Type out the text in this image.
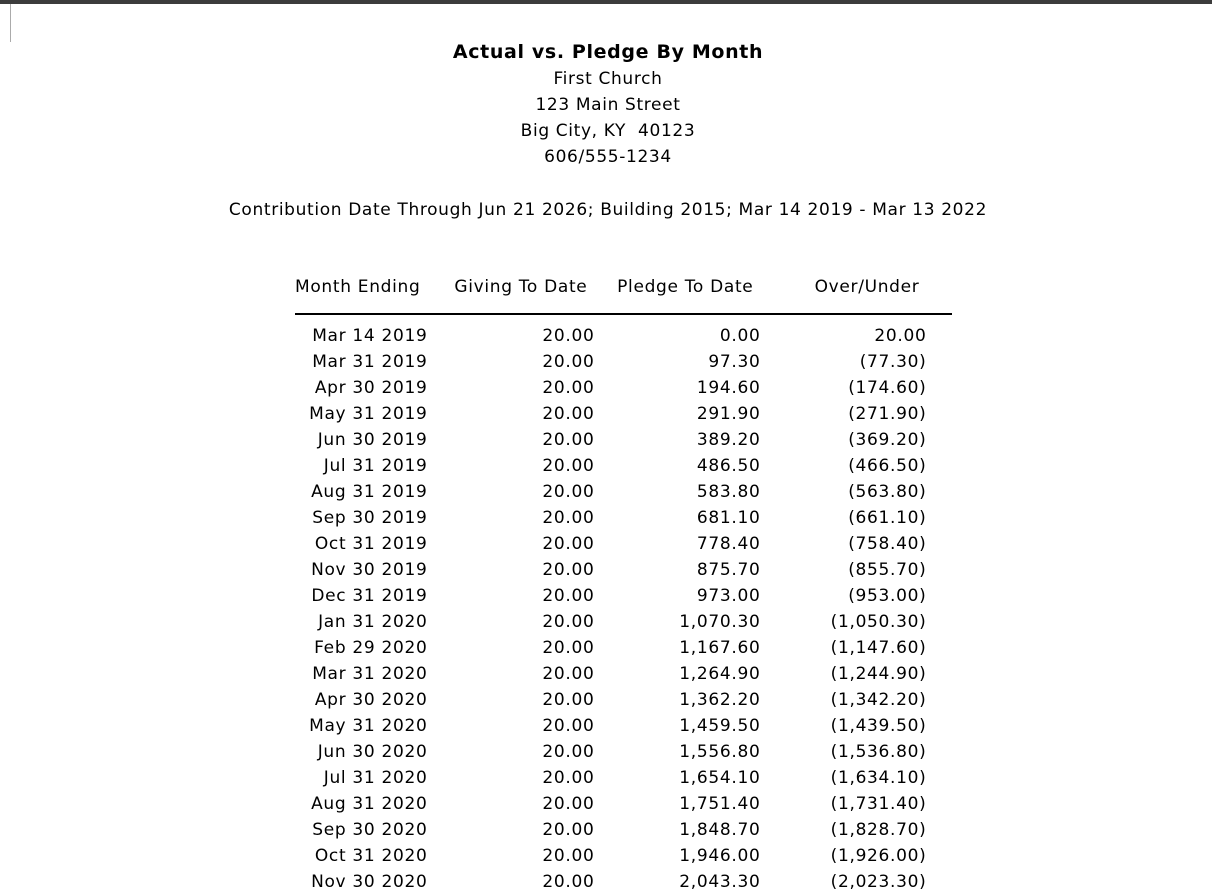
Actual vs. Pledge By Month
First Church
123 Main Street
Big City, KY  40123
606/555-1234
Contribution Date Through Jun 21 2026; Building 2015; Mar 14 2019 - Mar 13 2022
Month Ending	Giving To Date	Pledge To Date	Over/Under
Mar 14 2019	20.00	0.00	20.00
Mar 31 2019	20.00	97.30	(77.30)
Apr 30 2019	20.00	194.60	(174.60)
May 31 2019	20.00	291.90	(271.90)
Jun 30 2019	20.00	389.20	(369.20)
Jul 31 2019	20.00	486.50	(466.50)
Aug 31 2019	20.00	583.80	(563.80)
Sep 30 2019	20.00	681.10	(661.10)
Oct 31 2019	20.00	778.40	(758.40)
Nov 30 2019	20.00	875.70	(855.70)
Dec 31 2019	20.00	973.00	(953.00)
Jan 31 2020	20.00	1,070.30	(1,050.30)
Feb 29 2020	20.00	1,167.60	(1,147.60)
Mar 31 2020	20.00	1,264.90	(1,244.90)
Apr 30 2020	20.00	1,362.20	(1,342.20)
May 31 2020	20.00	1,459.50	(1,439.50)
Jun 30 2020	20.00	1,556.80	(1,536.80)
Jul 31 2020	20.00	1,654.10	(1,634.10)
Aug 31 2020	20.00	1,751.40	(1,731.40)
Sep 30 2020	20.00	1,848.70	(1,828.70)
Oct 31 2020	20.00	1,946.00	(1,926.00)
Nov 30 2020	20.00	2,043.30	(2,023.30)
